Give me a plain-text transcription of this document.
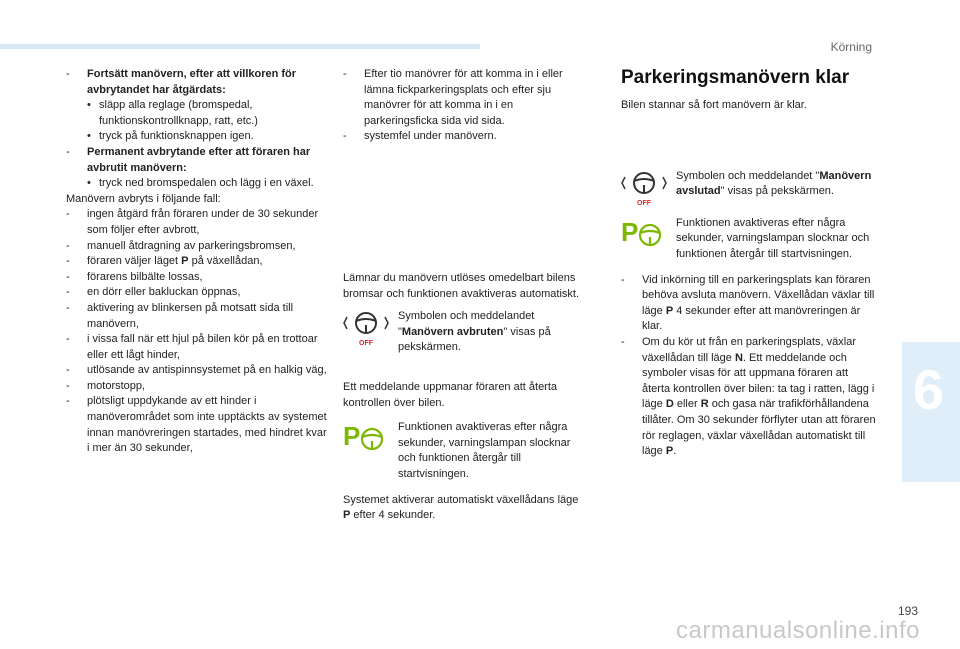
Körning
6
- Fortsätt manövern, efter att villkoren för avbrytandet har åtgärdats:
• släpp alla reglage (bromspedal, funktionskontrollknapp, ratt, etc.)
• tryck på funktionsknappen igen.
- Permanent avbrytande efter att föraren har avbrutit manövern:
• tryck ned bromspedalen och lägg i en växel.
Manövern avbryts i följande fall:
- ingen åtgärd från föraren under de 30 sekunder som följer efter avbrott,
- manuell åtdragning av parkeringsbromsen,
- föraren väljer läget P på växellådan,
- förarens bilbälte lossas,
- en dörr eller bakluckan öppnas,
- aktivering av blinkersen på motsatt sida till manövern,
- i vissa fall när ett hjul på bilen kör på en trottoar eller ett lågt hinder,
- utlösande av antispinnsystemet på en halkig väg,
- motorstopp,
- plötsligt uppdykande av ett hinder i manöverområdet som inte upptäckts av systemet innan manövreringen startades, med hindret kvar i mer än 30 sekunder,
- Efter tio manövrer för att komma in i eller lämna fickparkeringsplats och efter sju manövrer för att komma in i en parkeringsficka sida vid sida.
- systemfel under manövern.

Lämnar du manövern utlöses omedelbart bilens bromsar och funktionen avaktiveras automatiskt.

OFF
Symbolen och meddelandet "Manövern avbruten" visas på pekskärmen.

Ett meddelande uppmanar föraren att återta kontrollen över bilen.

P	Funktionen avaktiveras efter några sekunder, varningslampan slocknar och funktionen återgår till startvisningen.

Systemet aktiverar automatiskt växellådans läge P efter 4 sekunder.

Parkeringsmanövern klar

Bilen stannar så fort manövern är klar.

OFF
Symbolen och meddelandet "Manövern avslutad" visas på pekskärmen.
P	Funktionen avaktiveras efter några sekunder, varningslampan slocknar och funktionen återgår till startvisningen.
- Vid inkörning till en parkeringsplats kan föraren behöva avsluta manövern. Växellådan växlar till läge P 4 sekunder efter att manövreringen är klar.
- Om du kör ut från en parkeringsplats, växlar växellådan till läge N. Ett meddelande och symboler visas för att uppmana föraren att återta kontrollen över bilen: ta tag i ratten, lägg i läge D eller R och gasa när trafikförhållandena tillåter. Om 30 sekunder förflyter utan att föraren rör reglagen, växlar växellådan automatiskt till läge P.
193
carmanualsonline.info
